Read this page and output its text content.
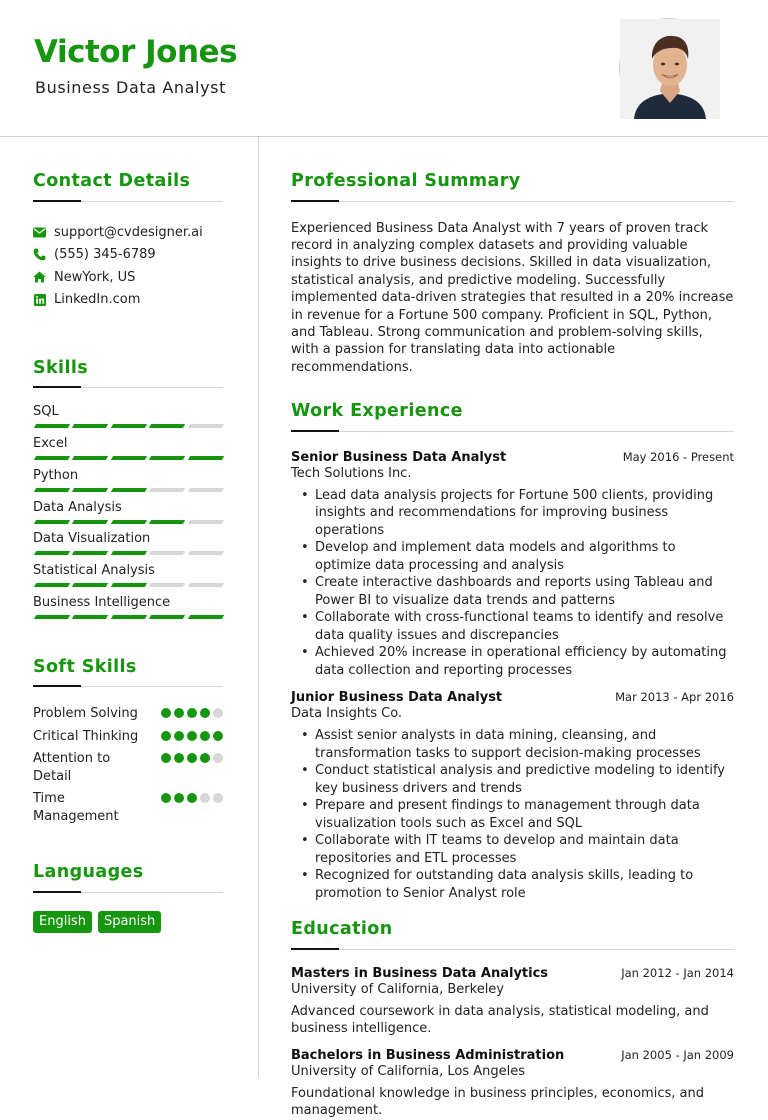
Victor Jones
Business Data Analyst
Contact Details
support@cvdesigner.ai
(555) 345-6789
NewYork, US
LinkedIn.com
Skills
SQL
Excel
Python
Data Analysis
Data Visualization
Statistical Analysis
Business Intelligence
Soft Skills
Problem Solving
Critical Thinking
Attention to Detail
Time Management
Languages
English	Spanish
Professional Summary
Experienced Business Data Analyst with 7 years of proven track record in analyzing complex datasets and providing valuable insights to drive business decisions. Skilled in data visualization, statistical analysis, and predictive modeling. Successfully implemented data-driven strategies that resulted in a 20% increase in revenue for a Fortune 500 company. Proficient in SQL, Python, and Tableau. Strong communication and problem-solving skills, with a passion for translating data into actionable recommendations.
Work Experience
Senior Business Data Analyst	May 2016 - Present
Tech Solutions Inc.
• Lead data analysis projects for Fortune 500 clients, providing insights and recommendations for improving business operations
• Develop and implement data models and algorithms to optimize data processing and analysis
• Create interactive dashboards and reports using Tableau and Power BI to visualize data trends and patterns
• Collaborate with cross-functional teams to identify and resolve data quality issues and discrepancies
• Achieved 20% increase in operational efficiency by automating data collection and reporting processes
Junior Business Data Analyst	Mar 2013 - Apr 2016
Data Insights Co.
• Assist senior analysts in data mining, cleansing, and transformation tasks to support decision-making processes
• Conduct statistical analysis and predictive modeling to identify key business drivers and trends
• Prepare and present findings to management through data visualization tools such as Excel and SQL
• Collaborate with IT teams to develop and maintain data repositories and ETL processes
• Recognized for outstanding data analysis skills, leading to promotion to Senior Analyst role
Education
Masters in Business Data Analytics	Jan 2012 - Jan 2014
University of California, Berkeley
Advanced coursework in data analysis, statistical modeling, and business intelligence.
Bachelors in Business Administration	Jan 2005 - Jan 2009
University of California, Los Angeles
Foundational knowledge in business principles, economics, and management.
